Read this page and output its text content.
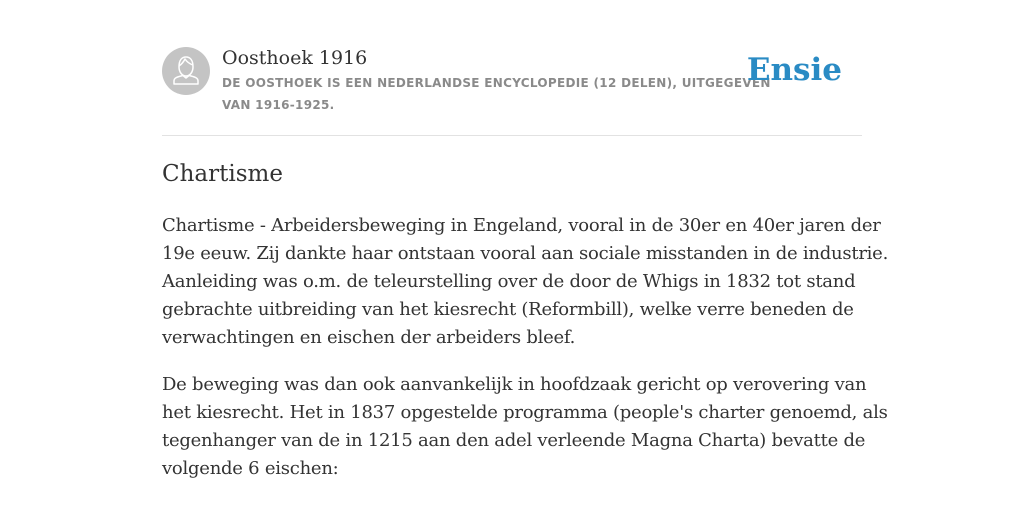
Oosthoek 1916
DE OOSTHOEK IS EEN NEDERLANDSE ENCYCLOPEDIE (12 DELEN), UITGEGEVEN
VAN 1916-1925.
Ensie
Chartisme

Chartisme - Arbeidersbeweging in Engeland, vooral in de 30er en 40er jaren der
19e eeuw. Zij dankte haar ontstaan vooral aan sociale misstanden in de industrie.
Aanleiding was o.m. de teleurstelling over de door de Whigs in 1832 tot stand
gebrachte uitbreiding van het kiesrecht (Reformbill), welke verre beneden de
verwachtingen en eischen der arbeiders bleef.

De beweging was dan ook aanvankelijk in hoofdzaak gericht op verovering van
het kiesrecht. Het in 1837 opgestelde programma (people's charter genoemd, als
tegenhanger van de in 1215 aan den adel verleende Magna Charta) bevatte de
volgende 6 eischen:
